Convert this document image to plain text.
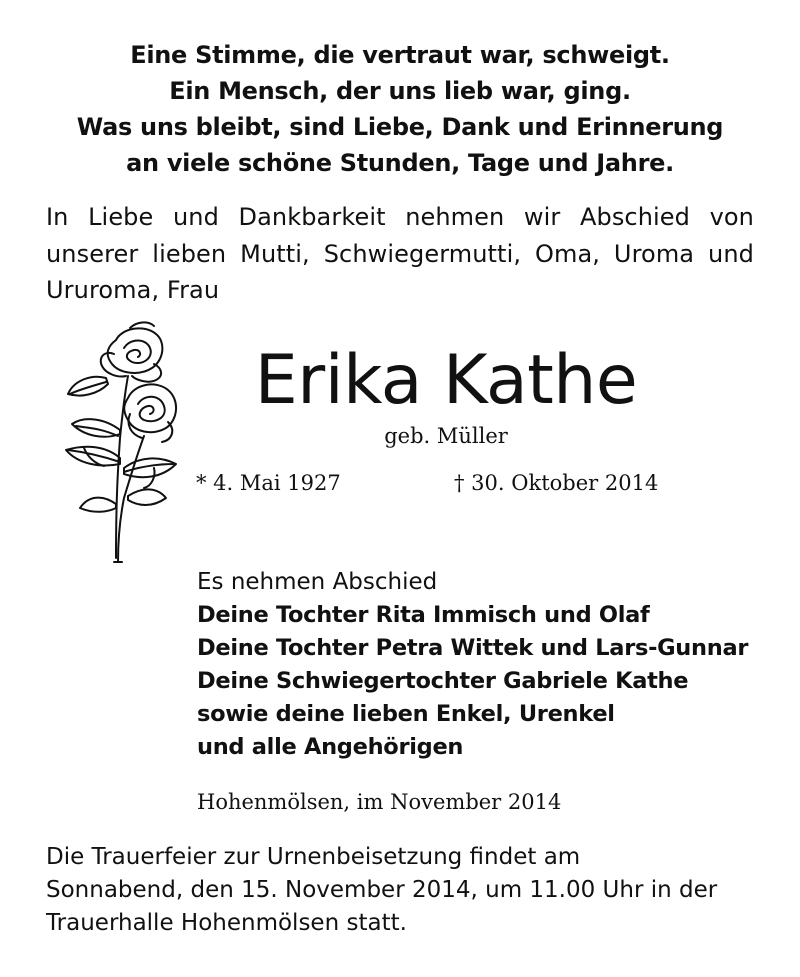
Eine Stimme, die vertraut war, schweigt.
Ein Mensch, der uns lieb war, ging.
Was uns bleibt, sind Liebe, Dank und Erinnerung
an viele schöne Stunden, Tage und Jahre.
In Liebe und Dankbarkeit nehmen wir Abschied von unserer lieben Mutti, Schwiegermutti, Oma, Uroma und Ururoma, Frau
Erika Kathe
geb. Müller
* 4. Mai 1927	† 30. Oktober 2014
Es nehmen Abschied
Deine Tochter Rita Immisch und Olaf
Deine Tochter Petra Wittek und Lars-Gunnar
Deine Schwiegertochter Gabriele Kathe
sowie deine lieben Enkel, Urenkel
und alle Angehörigen
Hohenmölsen, im November 2014
Die Trauerfeier zur Urnenbeisetzung findet am
Sonnabend, den 15. November 2014, um 11.00 Uhr in der
Trauerhalle Hohenmölsen statt.
